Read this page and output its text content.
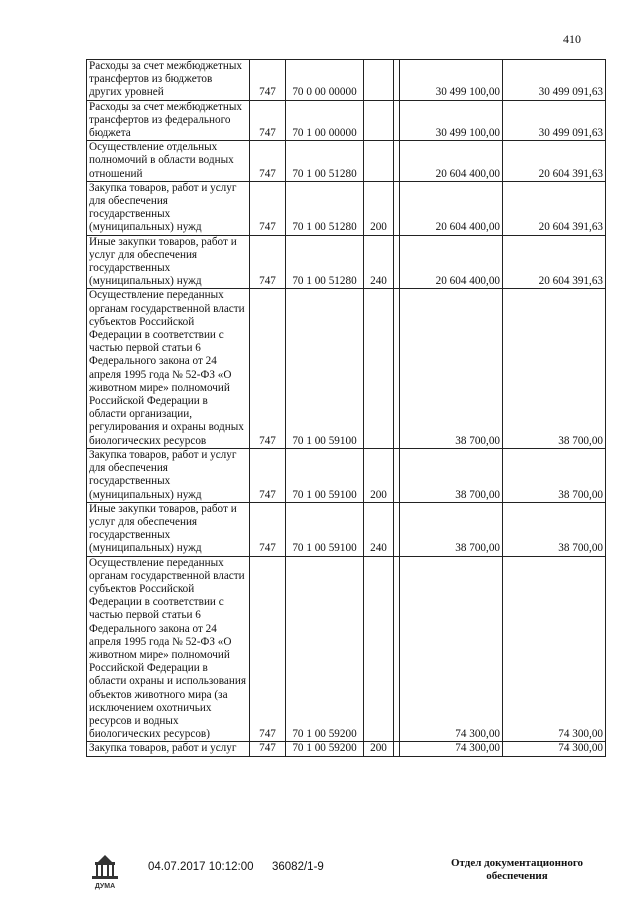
410
Расходы за счет межбюджетных трансфертов из бюджетов других уровней	747	70 0 00 00000			30 499 100,00	30 499 091,63
Расходы за счет межбюджетных трансфертов из федерального бюджета	747	70 1 00 00000			30 499 100,00	30 499 091,63
Осуществление отдельных полномочий в области водных отношений	747	70 1 00 51280			20 604 400,00	20 604 391,63
Закупка товаров, работ и услуг для обеспечения государственных (муниципальных) нужд	747	70 1 00 51280	200		20 604 400,00	20 604 391,63
Иные закупки товаров, работ и услуг для обеспечения государственных (муниципальных) нужд	747	70 1 00 51280	240		20 604 400,00	20 604 391,63
Осуществление переданных органам государственной власти субъектов Российской Федерации в соответствии с частью первой статьи 6 Федерального закона от 24 апреля 1995 года № 52-ФЗ «О животном мире» полномочий Российской Федерации в области организации, регулирования и охраны водных биологических ресурсов	747	70 1 00 59100			38 700,00	38 700,00
Закупка товаров, работ и услуг для обеспечения государственных (муниципальных) нужд	747	70 1 00 59100	200		38 700,00	38 700,00
Иные закупки товаров, работ и услуг для обеспечения государственных (муниципальных) нужд	747	70 1 00 59100	240		38 700,00	38 700,00
Осуществление переданных органам государственной власти субъектов Российской Федерации в соответствии с частью первой статьи 6 Федерального закона от 24 апреля 1995 года № 52-ФЗ «О животном мире» полномочий Российской Федерации в области охраны и использования объектов животного мира (за исключением охотничьих ресурсов и водных биологических ресурсов)	747	70 1 00 59200			74 300,00	74 300,00
Закупка товаров, работ и услуг	747	70 1 00 59200	200		74 300,00	74 300,00
ДУМА
04.07.2017 10:12:00 36082/1-9	Отдел документационного
обеспечения
